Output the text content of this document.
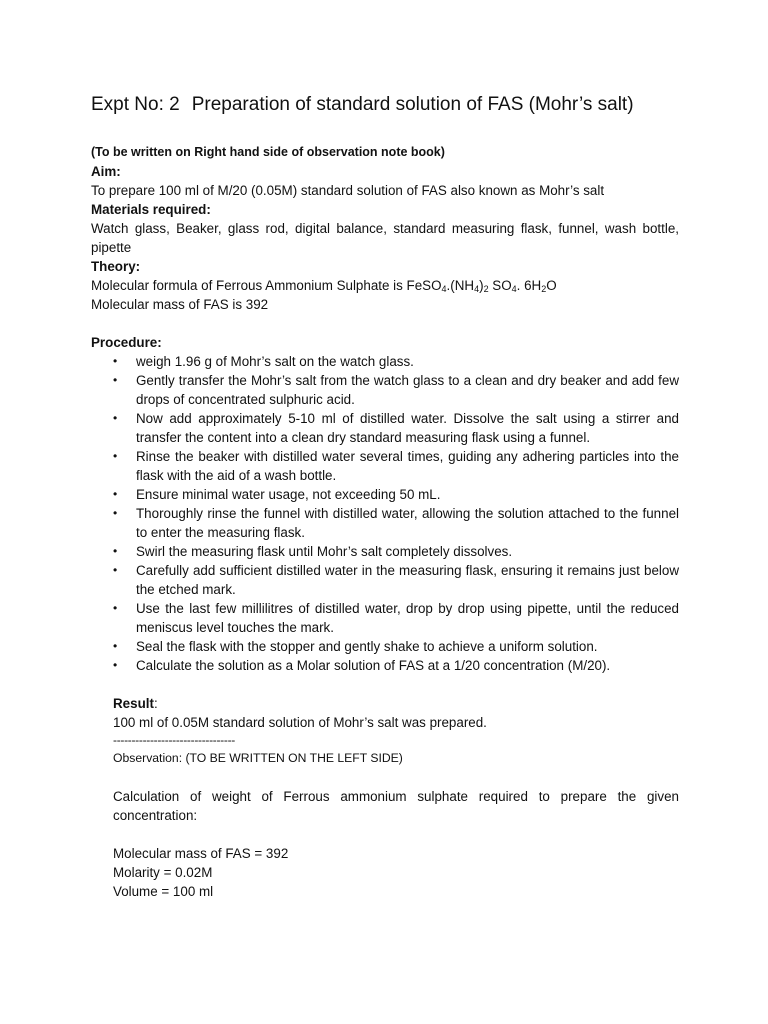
Expt No: 2 Preparation of standard solution of FAS (Mohr’s salt)

(To be written on Right hand side of observation note book)

Aim:

To prepare 100 ml of M/20 (0.05M) standard solution of FAS also known as Mohr’s salt

Materials required:

Watch glass, Beaker, glass rod, digital balance, standard measuring flask, funnel, wash bottle, pipette

Theory:

Molecular formula of Ferrous Ammonium Sulphate is $FeSO_4.(NH_4)_2$ $SO_4$. $6H_2O$

Molecular mass of FAS is 392

Procedure:

• weigh 1.96 g of Mohr’s salt on the watch glass.
• Gently transfer the Mohr’s salt from the watch glass to a clean and dry beaker and add few drops of concentrated sulphuric acid.
• Now add approximately 5-10 ml of distilled water. Dissolve the salt using a stirrer and transfer the content into a clean dry standard measuring flask using a funnel.
• Rinse the beaker with distilled water several times, guiding any adhering particles into the flask with the aid of a wash bottle.
• Ensure minimal water usage, not exceeding 50 mL.
• Thoroughly rinse the funnel with distilled water, allowing the solution attached to the funnel to enter the measuring flask.
• Swirl the measuring flask until Mohr’s salt completely dissolves.
• Carefully add sufficient distilled water in the measuring flask, ensuring it remains just below the etched mark.
• Use the last few millilitres of distilled water, drop by drop using pipette, until the reduced meniscus level touches the mark.
• Seal the flask with the stopper and gently shake to achieve a uniform solution.
• Calculate the solution as a Molar solution of FAS at a 1/20 concentration (M/20).

Result:

100 ml of 0.05M standard solution of Mohr’s salt was prepared.

---------------------------------

Observation: (TO BE WRITTEN ON THE LEFT SIDE)

Calculation of weight of Ferrous ammonium sulphate required to prepare the given concentration:

Molecular mass of FAS = 392

Molarity = 0.02M

Volume = 100 ml
